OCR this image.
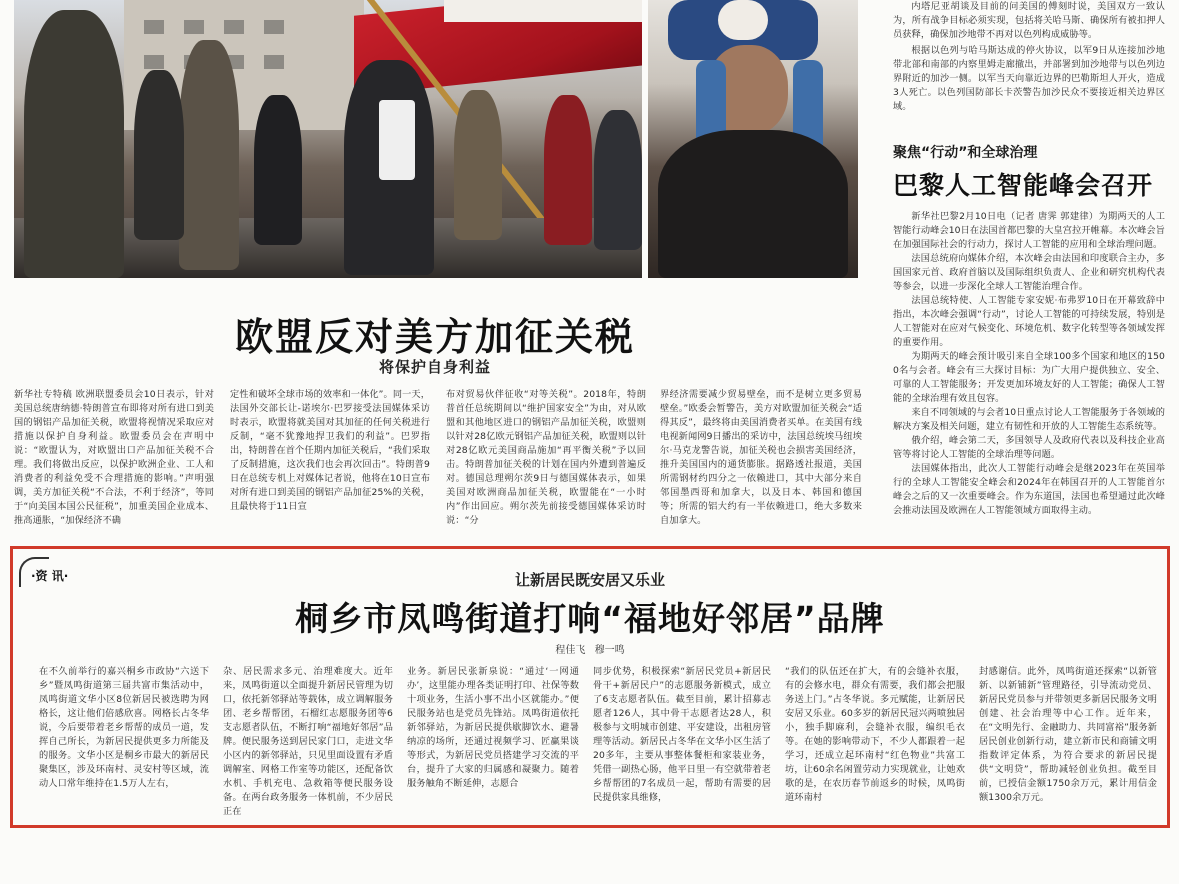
内塔尼亚胡谈及目前的问美国的傅刻时说，美国双方一致认为，所有战争目标必须实现，包括将关哈马斯、确保所有被扣押人员获释，确保加沙地带不再对以色列构成威胁等。
根据以色列与哈马斯达成的停火协议，以军9日从连接加沙地带北部和南部的内察里姆走廊撤出，并部署到加沙地带与以色列边界附近的加沙一侧。以军当天向靠近边界的巴勒斯坦人开火，造成3人死亡。以色列国防部长卡茨警告加沙民众不要接近相关边界区域。
聚焦“行动”和全球治理
巴黎人工智能峰会召开
新华社巴黎2月10日电（记者 唐霁 郭建律）为期两天的人工智能行动峰会10日在法国首都巴黎的大皇宫拉开帷幕。本次峰会旨在加强国际社会的行动力，探讨人工智能的应用和全球治理问题。
法国总统府向媒体介绍，本次峰会由法国和印度联合主办，多国国家元首、政府首脑以及国际组织负责人、企业和研究机构代表等参会，以进一步深化全球人工智能治理合作。
法国总统特使、人工智能专家安妮·布弗罗10日在开幕致辞中指出，本次峰会强调“行动”，讨论人工智能的可持续发展，特别是人工智能对在应对气候变化、环境危机、数字化转型等各领域发挥的重要作用。
为期两天的峰会预计吸引来自全球100多个国家和地区的1500名与会者。峰会有三大探讨目标：为广大用户提供独立、安全、可靠的人工智能服务；开发更加环境友好的人工智能；确保人工智能的全球治理有效且包容。
来自不同领域的与会者10日重点讨论人工智能服务于各领域的解决方案及相关问题，建立有韧性和开放的人工智能生态系统等。
俄介绍，峰会第二天，多国领导人及政府代表以及科技企业高管等将讨论人工智能的全球治理等问题。
法国媒体指出，此次人工智能行动峰会是继2023年在英国举行的全球人工智能安全峰会和2024年在韩国召开的人工智能首尔峰会之后的又一次重要峰会。作为东道国，法国也希望通过此次峰会推动法国及欧洲在人工智能领域方面取得主动。
欧盟反对美方加征关税
将保护自身利益
新华社专特稿 欧洲联盟委员会10日表示，针对美国总统唐纳德·特朗普宣布即将对所有进口到美国的钢铝产品加征关税，欧盟将视情况采取应对措施以保护自身利益。欧盟委员会在声明中说：“欧盟认为，对欧盟出口产品加征关税不合理。我们将做出反应，以保护欧洲企业、工人和消费者的利益免受不合理措施的影响。”声明强调，美方加征关税“不合法，不利于经济”，等同于“向美国本国公民征税”，加重美国企业成本、推高通胀，“加保经济不确
定性和破坏全球市场的效率和一体化”。同一天，法国外交部长让-诺埃尔·巴罗接受法国媒体采访时表示，欧盟将就美国对其加征的任何关税进行反制，“毫不犹豫地捍卫我们的利益”。巴罗指出，特朗普在首个任期内加征关税后，“我们采取了反制措施，这次我们也会再次回击”。特朗普9日在总统专机上对媒体记者说，他将在10日宣布对所有进口到美国的钢铝产品加征25%的关税，且最快将于11日宣
布对贸易伙伴征收“对等关税”。2018年，特朗普首任总统期间以“维护国家安全”为由，对从欧盟和其他地区进口的钢铝产品加征关税，欧盟则以针对28亿欧元钢铝产品加征关税，欧盟则以针对28亿欧元美国商品施加“再平衡关税”予以回击。特朗普加征关税的计划在国内外遭到普遍反对。德国总理朔尔茨9日与德国媒体表示，如果美国对欧洲商品加征关税，欧盟能在“一小时内”作出回应。朔尔茨先前接受德国媒体采访时说：“分
界经济需要减少贸易壁垒，而不是树立更多贸易壁垒。”欧委会暂警告，美方对欧盟加征关税会“适得其反”，最终将由美国消费者买单。在美国有线电视新闻网9日播出的采访中，法国总统埃马纽埃尔·马克龙警告说，加征关税也会损害美国经济，推升美国国内的通货膨胀。据路透社报道，美国所需钢材约四分之一依赖进口，其中大部分来自邻国墨西哥和加拿大，以及日本、韩国和德国等；所需的铝大约有一半依赖进口，绝大多数来自加拿大。
·资 讯·	让新居民既安居又乐业
桐乡市凤鸣街道打响“福地好邻居”品牌
程佳飞 穆一鸣
在不久前举行的嘉兴桐乡市政协“六送下乡”暨凤鸣街道第三届共富市集活动中，凤鸣街道文华小区8位新居民被选聘为网格长，这让他们倍感欣喜。网格长占冬华说，今后要带着老乡帮帮的成员一道，发挥自己所长，为新居民提供更多力所能及的服务。文华小区是桐乡市最大的新居民聚集区，涉及环南村、灵安村等区域，流动人口常年维持在1.5万人左右，
杂、居民需求多元、治理难度大。近年来，凤鸣街道以全面提升新居民管理为切口，依托新邻驿站等载体，成立调解服务团、老乡帮帮团，石榴红志愿服务团等6支志愿者队伍，不断打响“福地好邻居”品牌。便民服务送到居民家门口，走进文华小区内的新邻驿站，只见里面设置有矛盾调解室、网格工作室等功能区，还配备饮水机、手机充电、急救箱等便民服务设备。在两台政务服务一体机前，不少居民正在
业务。新居民张新泉说：“通过‘一网通办’，这里能办理各类证明打印、社保等数十项业务，生活小事不出小区就能办。”便民服务站也是党员先锋站。凤鸣街道依托新邻驿站，为新居民提供歇脚饮水、避暑纳凉的场所，还通过视频学习、匠赢果谈等形式，为新居民党员搭建学习交流的平台，提升了大家的归属感和凝聚力。随着服务触角不断延伸，志愿合
同步优势，积极探索“新居民党员+新居民骨干+新居民户”的志愿服务新模式，成立了6支志愿者队伍。截至目前，累计招募志愿者126人，其中骨干志愿者达28人，积极参与文明城市创建、平安建设，出租房管理等活动。新居民占冬华在文华小区生活了20多年，主要从事整体餐柜和家装业务，凭借一副热心肠，他平日里一有空就带着老乡帮帮团的7名成员一起，帮助有需要的居民提供家具维修，
“我们的队伍还在扩大，有的会缝补衣服，有的会修水电，群众有需要，我们都会把服务送上门。”占冬华说。多元赋能，让新居民安居又乐业。60多岁的新居民冠兴两喷独居小，独手脚麻利，会缝补衣服，编织毛衣等。在她的影响带动下，不少人都跟着一起学习，还成立起环南村“红色物业”共富工坊，让60余名闲置劳动力实现就业，让她欢歌的是，在农历春节前返乡的时候，凤鸣街道环南村
封感谢信。此外，凤鸣街道还探索“以新管新、以新铺新”管理路径，引导流动党员、新居民党员参与并带领更多新居民服务文明创建、社会治理等中心工作。近年来，在“文明先行、金融助力、共同富裕”服务新居民创业创新行动，建立新市民和商铺文明指数评定体系，为符合要求的新居民提供“文明贷”，帮助减轻创业负担。截至目前，已授信金额1750余万元，累计用信金额1300余万元。
